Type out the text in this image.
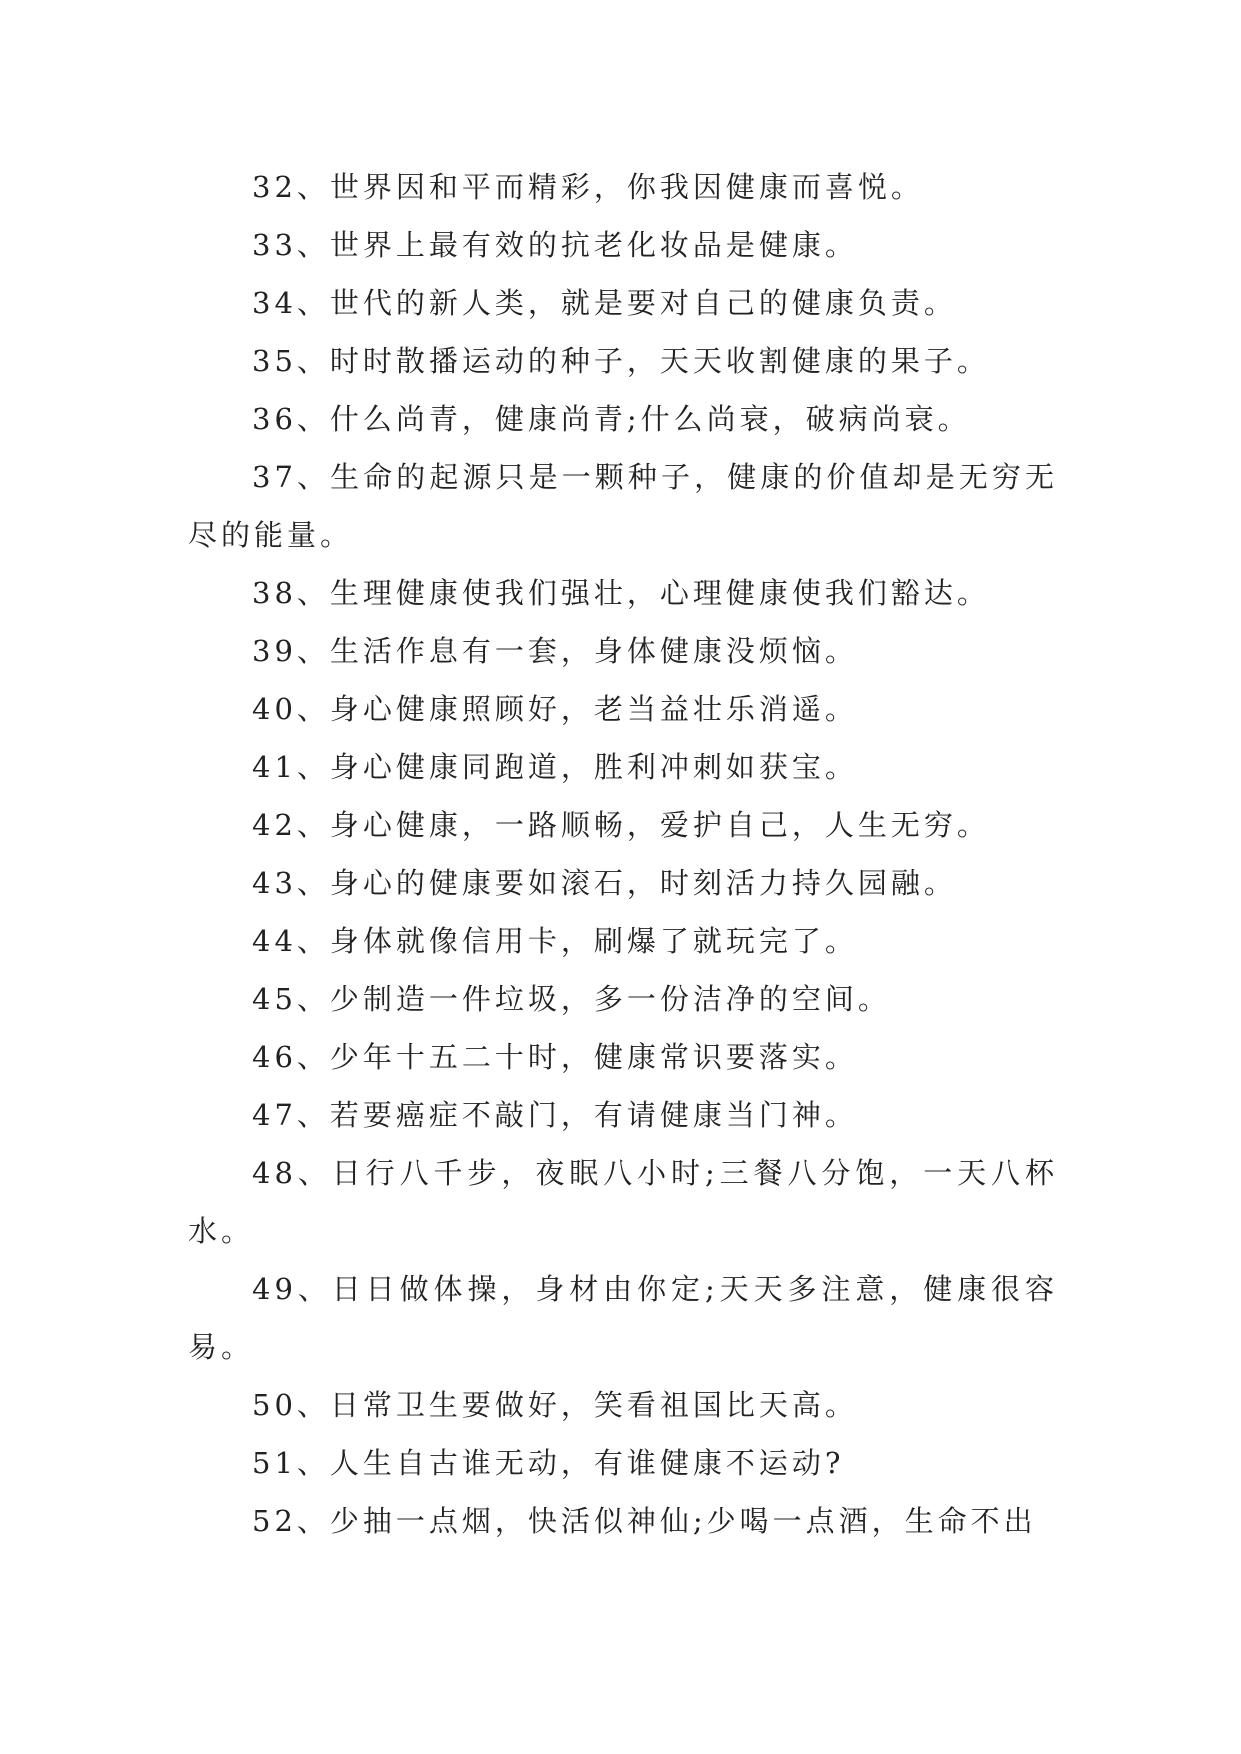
32、世界因和平而精彩，你我因健康而喜悦。

33、世界上最有效的抗老化妆品是健康。

34、世代的新人类，就是要对自己的健康负责。

35、时时散播运动的种子，天天收割健康的果子。

36、什么尚青，健康尚青;什么尚衰，破病尚衰。

37、生命的起源只是一颗种子，健康的价值却是无穷无尽的能量。

38、生理健康使我们强壮，心理健康使我们豁达。

39、生活作息有一套，身体健康没烦恼。

40、身心健康照顾好，老当益壮乐消遥。

41、身心健康同跑道，胜利冲刺如获宝。

42、身心健康，一路顺畅，爱护自己，人生无穷。

43、身心的健康要如滚石，时刻活力持久园融。

44、身体就像信用卡，刷爆了就玩完了。

45、少制造一件垃圾，多一份洁净的空间。

46、少年十五二十时，健康常识要落实。

47、若要癌症不敲门，有请健康当门神。

48、日行八千步，夜眠八小时;三餐八分饱，一天八杯水。

49、日日做体操，身材由你定;天天多注意，健康很容易。

50、日常卫生要做好，笑看祖国比天高。

51、人生自古谁无动，有谁健康不运动?

52、少抽一点烟，快活似神仙;少喝一点酒，生命不出
